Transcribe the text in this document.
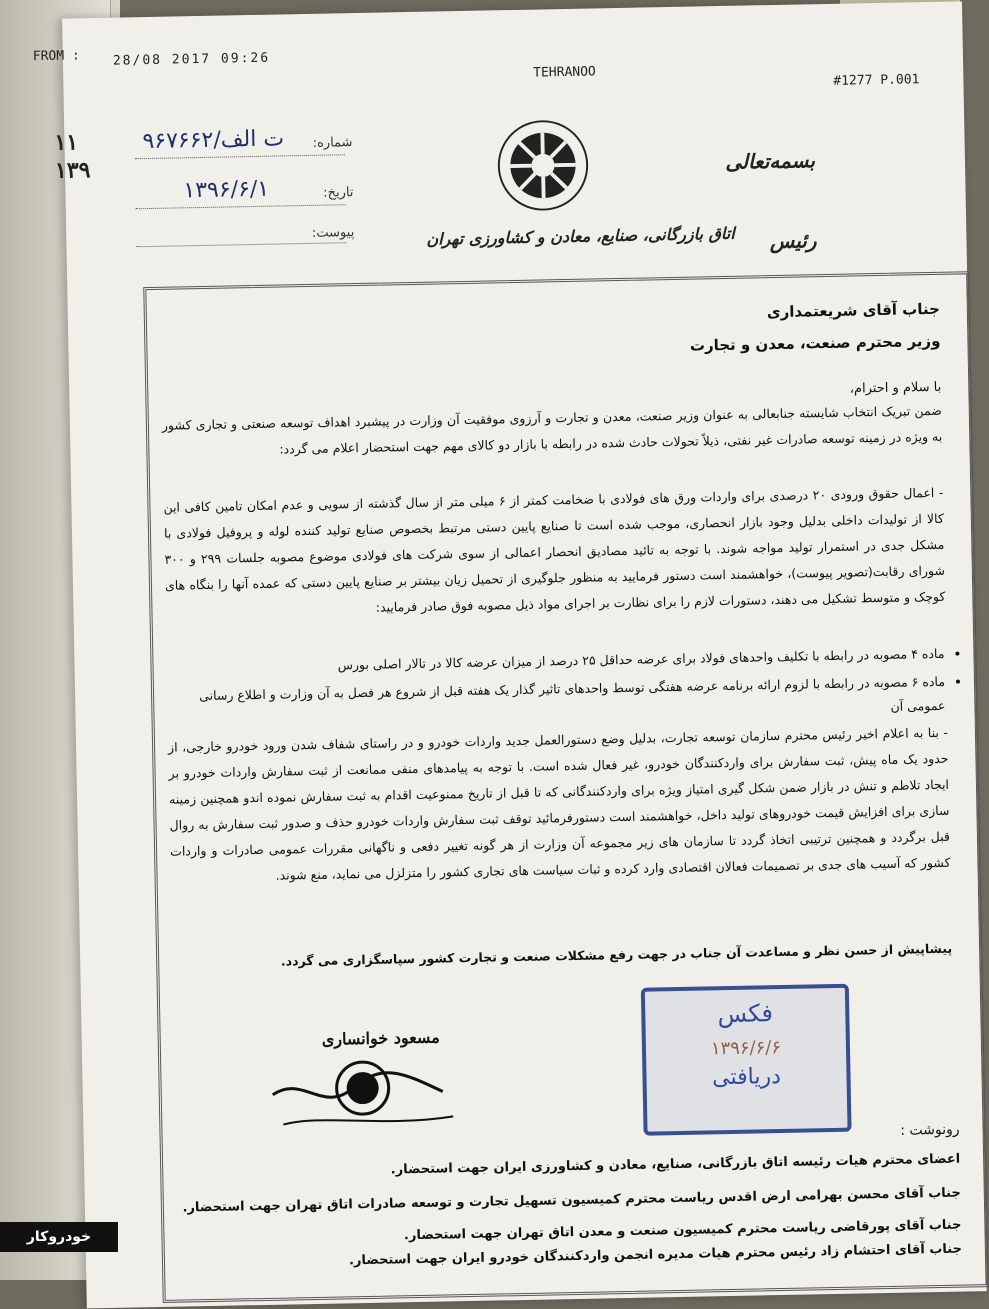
FROM :	28/08 2017 09:26
TEHRANOO	#1277 P.001
۱۱
۱۳۹
شماره:
تاریخ:
پیوست:
۹۶۷۶۶۲/ت الف
۱۳۹۶/۶/۱
اتاق بازرگانی، صنایع، معادن و کشاورزی تهران
بسمه‌تعالی
رئیس
جناب آقای شریعتمداری
وزیر محترم صنعت، معدن و تجارت
با سلام و احترام،
ضمن تبریک انتخاب شایسته جنابعالی به عنوان وزیر صنعت، معدن و تجارت و آرزوی موفقیت آن وزارت در پیشبرد اهداف توسعه صنعتی و تجاری کشور به ویژه در زمینه توسعه صادرات غیر نفتی، ذیلاً تحولات حادث شده در رابطه با بازار دو کالای مهم جهت استحضار اعلام می گردد:
- اعمال حقوق ورودی ۲۰ درصدی برای واردات ورق های فولادی با ضخامت کمتر از ۶ میلی متر از سال گذشته از سویی و عدم امکان تامین کافی این کالا از تولیدات داخلی بدلیل وجود بازار انحصاری، موجب شده است تا صنایع پایین دستی مرتبط بخصوص صنایع تولید کننده لوله و پروفیل فولادی با مشکل جدی در استمرار تولید مواجه شوند. با توجه به تائید مصادیق انحصار اعمالی از سوی شرکت های فولادی موضوع مصوبه جلسات ۲۹۹ و ۳۰۰ شورای رقابت(تصویر پیوست)، خواهشمند است دستور فرمایید به منظور جلوگیری از تحمیل زیان بیشتر بر صنایع پایین دستی که عمده آنها را بنگاه های کوچک و متوسط تشکیل می دهند، دستورات لازم را برای نظارت بر اجرای مواد ذیل مصوبه فوق صادر فرمایید:
• ماده ۴ مصوبه در رابطه با تکلیف واحدهای فولاد برای عرضه حداقل ۲۵ درصد از میزان عرضه کالا در تالار اصلی بورس
• ماده ۶ مصوبه در رابطه با لزوم ارائه برنامه عرضه هفتگی توسط واحدهای تاثیر گذار یک هفته قبل از شروع هر فصل به آن وزارت و اطلاع رسانی عمومی آن
- بنا به اعلام اخیر رئیس محترم سازمان توسعه تجارت، بدلیل وضع دستورالعمل جدید واردات خودرو و در راستای شفاف شدن ورود خودرو خارجی، از حدود یک ماه پیش، ثبت سفارش برای واردکنندگان خودرو، غیر فعال شده است. با توجه به پیامدهای منفی ممانعت از ثبت سفارش واردات خودرو بر ایجاد تلاطم و تنش در بازار ضمن شکل گیری امتیاز ویژه برای واردکنندگانی که تا قبل از تاریخ ممنوعیت اقدام به ثبت سفارش نموده اندو همچنین زمینه سازی برای افزایش قیمت خودروهای تولید داخل، خواهشمند است دستورفرمائید توقف ثبت سفارش واردات خودرو حذف و صدور ثبت سفارش به روال قبل برگردد و همچنین ترتیبی اتخاذ گردد تا سازمان های زیر مجموعه آن وزارت از هر گونه تغییر دفعی و ناگهانی مقررات عمومی صادرات و واردات کشور که آسیب های جدی بر تصمیمات فعالان اقتصادی وارد کرده و ثبات سیاست های تجاری کشور را متزلزل می نماید، منع شوند.
پیشاپیش از حسن نظر و مساعدت آن جناب در جهت رفع مشکلات صنعت و تجارت کشور سپاسگزاری می گردد.
مسعود خوانساری
فکس
۱۳۹۶/۶/۶
دریافتی
رونوشت :
اعضای محترم هیات رئیسه اتاق بازرگانی، صنایع، معادن و کشاورزی ایران جهت استحضار.
جناب آقای محسن بهرامی ارض اقدس ریاست محترم کمیسیون تسهیل تجارت و توسعه صادرات اتاق تهران جهت استحضار.
جناب آقای پورقاضی ریاست محترم کمیسیون صنعت و معدن اتاق تهران جهت استحضار.
جناب آقای احتشام زاد رئیس محترم هیات مدیره انجمن واردکنندگان خودرو ایران جهت استحضار.
خودروکار
